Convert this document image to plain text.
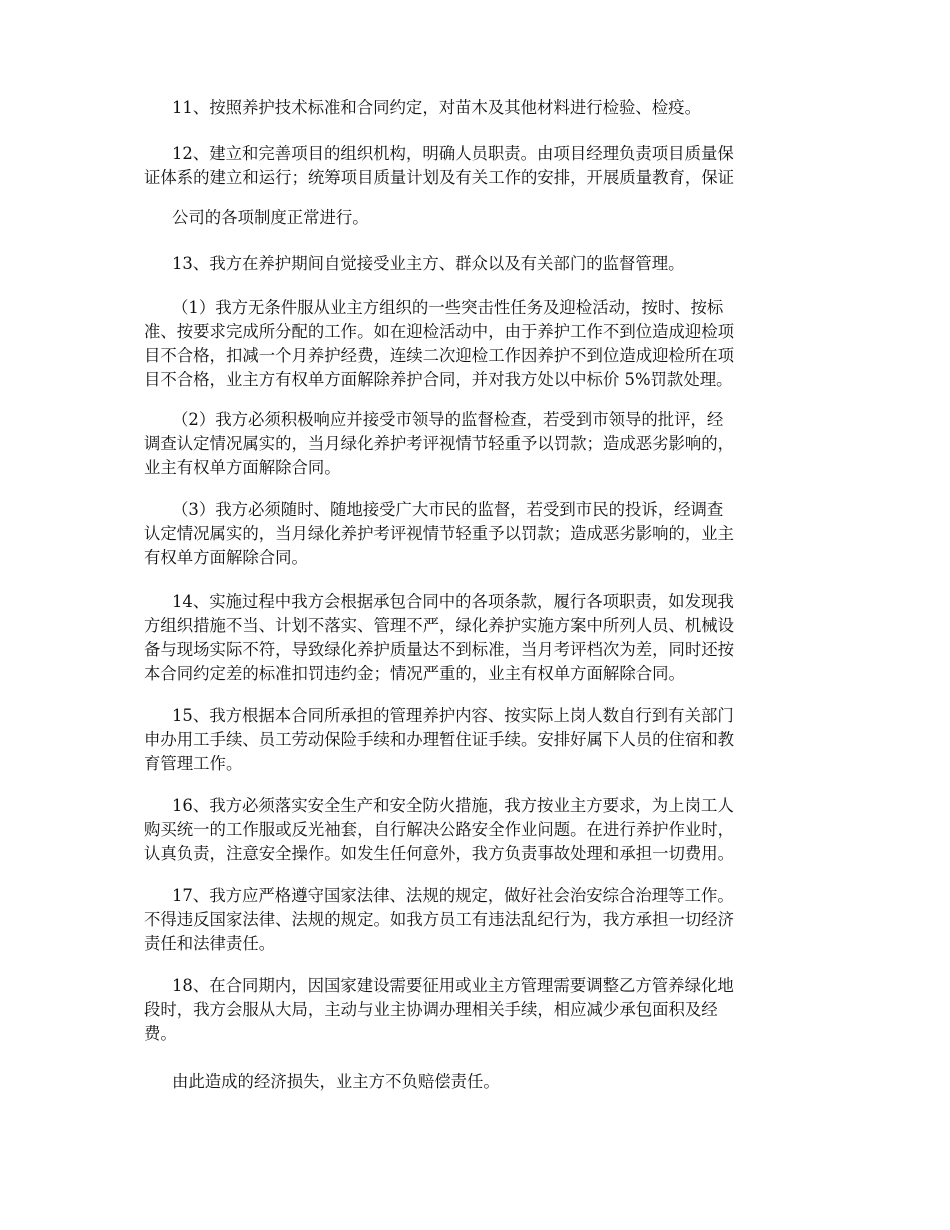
11、按照养护技术标准和合同约定，对苗木及其他材料进行检验、检疫。
12、建立和完善项目的组织机构，明确人员职责。由项目经理负责项目质量保
证体系的建立和运行；统筹项目质量计划及有关工作的安排，开展质量教育，保证
公司的各项制度正常进行。
13、我方在养护期间自觉接受业主方、群众以及有关部门的监督管理。
（1）我方无条件服从业主方组织的一些突击性任务及迎检活动，按时、按标
准、按要求完成所分配的工作。如在迎检活动中，由于养护工作不到位造成迎检项
目不合格，扣减一个月养护经费，连续二次迎检工作因养护不到位造成迎检所在项
目不合格，业主方有权单方面解除养护合同，并对我方处以中标价 5%罚款处理。
（2）我方必须积极响应并接受市领导的监督检查，若受到市领导的批评，经
调查认定情况属实的，当月绿化养护考评视情节轻重予以罚款；造成恶劣影响的，
业主有权单方面解除合同。
（3）我方必须随时、随地接受广大市民的监督，若受到市民的投诉，经调查
认定情况属实的，当月绿化养护考评视情节轻重予以罚款；造成恶劣影响的，业主
有权单方面解除合同。
14、实施过程中我方会根据承包合同中的各项条款，履行各项职责，如发现我
方组织措施不当、计划不落实、管理不严，绿化养护实施方案中所列人员、机械设
备与现场实际不符，导致绿化养护质量达不到标准，当月考评档次为差，同时还按
本合同约定差的标准扣罚违约金；情况严重的，业主有权单方面解除合同。
15、我方根据本合同所承担的管理养护内容、按实际上岗人数自行到有关部门
申办用工手续、员工劳动保险手续和办理暂住证手续。安排好属下人员的住宿和教
育管理工作。
16、我方必须落实安全生产和安全防火措施，我方按业主方要求，为上岗工人
购买统一的工作服或反光袖套，自行解决公路安全作业问题。在进行养护作业时，
认真负责，注意安全操作。如发生任何意外，我方负责事故处理和承担一切费用。
17、我方应严格遵守国家法律、法规的规定，做好社会治安综合治理等工作。
不得违反国家法律、法规的规定。如我方员工有违法乱纪行为，我方承担一切经济
责任和法律责任。
18、在合同期内，因国家建设需要征用或业主方管理需要调整乙方管养绿化地
段时，我方会服从大局，主动与业主协调办理相关手续，相应减少承包面积及经
费。
由此造成的经济损失，业主方不负赔偿责任。
